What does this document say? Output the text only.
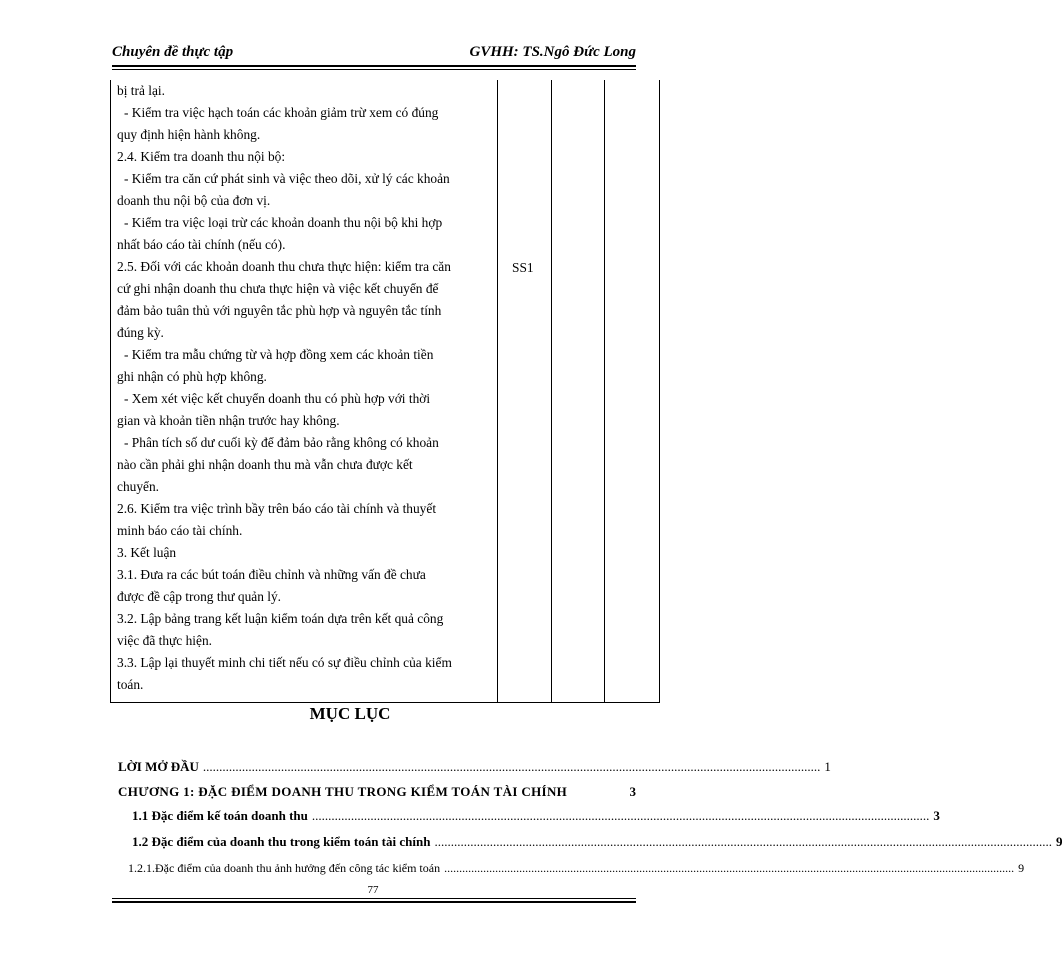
Chuyên đề thực tập	GVHH: TS.Ngô Đức Long
bị trả lại.
- Kiểm tra việc hạch toán các khoản giảm trừ xem có đúng
quy định hiện hành không.
2.4. Kiểm tra doanh thu nội bộ:
- Kiểm tra căn cứ phát sinh và việc theo dõi, xử lý các khoản
doanh thu nội bộ của đơn vị.
- Kiểm tra việc loại trừ các khoản doanh thu nội bộ khi hợp
nhất báo cáo tài chính (nếu có).
2.5. Đối với các khoản doanh thu chưa thực hiện: kiểm tra căn
cứ ghi nhận doanh thu chưa thực hiện và việc kết chuyển để
đảm bảo tuân thủ với nguyên tắc phù hợp và nguyên tắc tính
đúng kỳ.
- Kiểm tra mẫu chứng từ và hợp đồng xem các khoản tiền
ghi nhận có phù hợp không.
- Xem xét việc kết chuyển doanh thu có phù hợp với thời
gian và khoản tiền nhận trước hay không.
- Phân tích số dư cuối kỳ để đảm bảo rằng không có khoản
nào cần phải ghi nhận doanh thu mà vẫn chưa được kết
chuyển.
2.6. Kiểm tra việc trình bầy trên báo cáo tài chính và thuyết
minh báo cáo tài chính.
3. Kết luận
3.1. Đưa ra các bút toán điều chỉnh và những vấn đề chưa
được đề cập trong thư quản lý.
3.2. Lập bảng trang kết luận kiểm toán dựa trên kết quả công
việc đã thực hiện.
3.3. Lập lại thuyết minh chi tiết nếu có sự điều chỉnh của kiểm
toán.
SS1
MỤC LỤC
LỜI MỞ ĐẦU .............................................................................................................................................................................................. 1
CHƯƠNG 1: ĐẶC ĐIỂM DOANH THU TRONG KIỂM TOÁN TÀI CHÍNH	3
1.1 Đặc điểm kế toán doanh thu .............................................................................................................................................................................................. 3
1.2 Đặc điểm của doanh thu trong kiểm toán tài chính .............................................................................................................................................................................................. 9
1.2.1.Đặc điểm của doanh thu ảnh hưởng đến công tác kiểm toán .............................................................................................................................................................................................. 9
77
